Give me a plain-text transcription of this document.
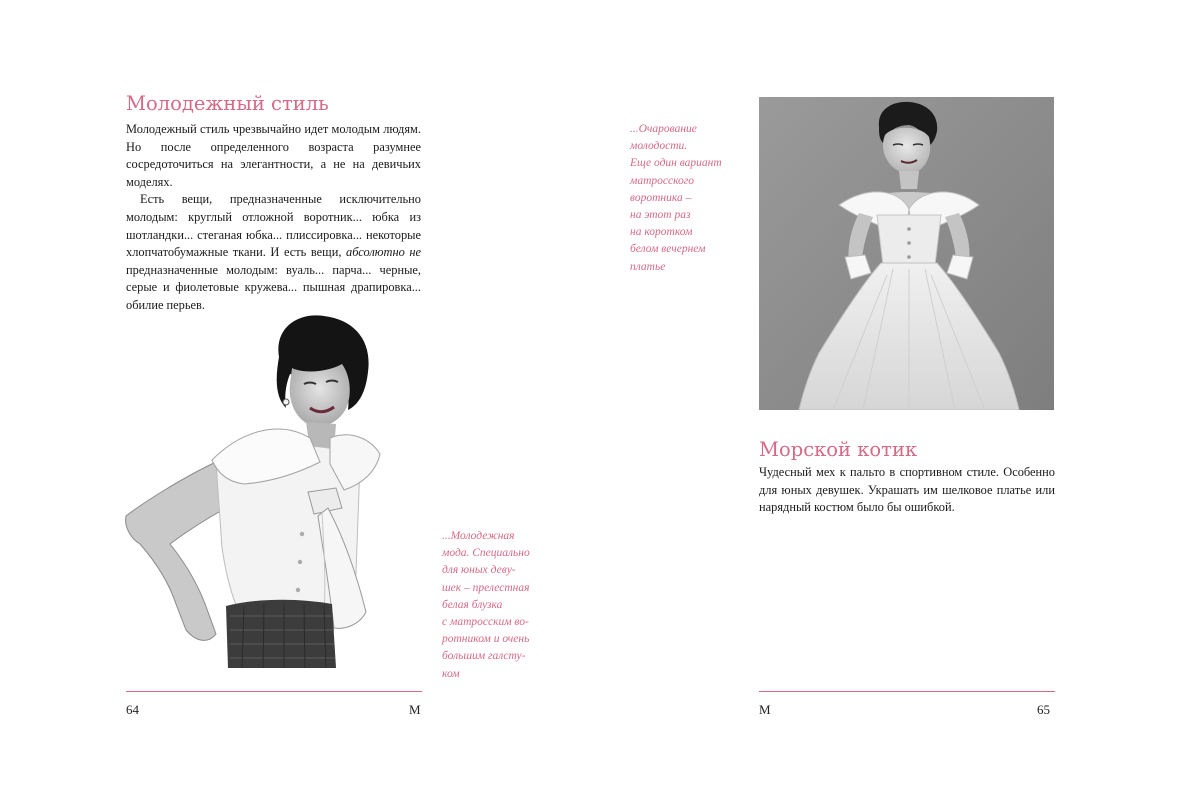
Молодежный стиль

Молодежный стиль чрезвычайно идет молодым людям. Но после определенного возраста разумнее сосредоточиться на элегантности, а не на девичьих моделях.

Есть вещи, предназначенные исключительно молодым: круглый отложной воротник... юбка из шотландки... стеганая юбка... плиссировка... некоторые хлопчатобумажные ткани. И есть вещи, абсолютно не предназначенные молодым: вуаль... парча... черные, серые и фиолетовые кружева... пышная драпировка... обилие перьев.

...Молодежная
мода. Специально
для юных деву-
шек – прелестная
белая блузка
с матросским во-
ротником и очень
большим галсту-
ком
64	М
...Очарование
молодости.
Еще один вариант
матросского
воротника –
на этот раз
на коротком
белом вечернем
платье
Морской котик

Чудесный мех к пальто в спортивном стиле. Особенно для юных девушек. Украшать им шелковое платье или нарядный костюм было бы ошибкой.

М	65
